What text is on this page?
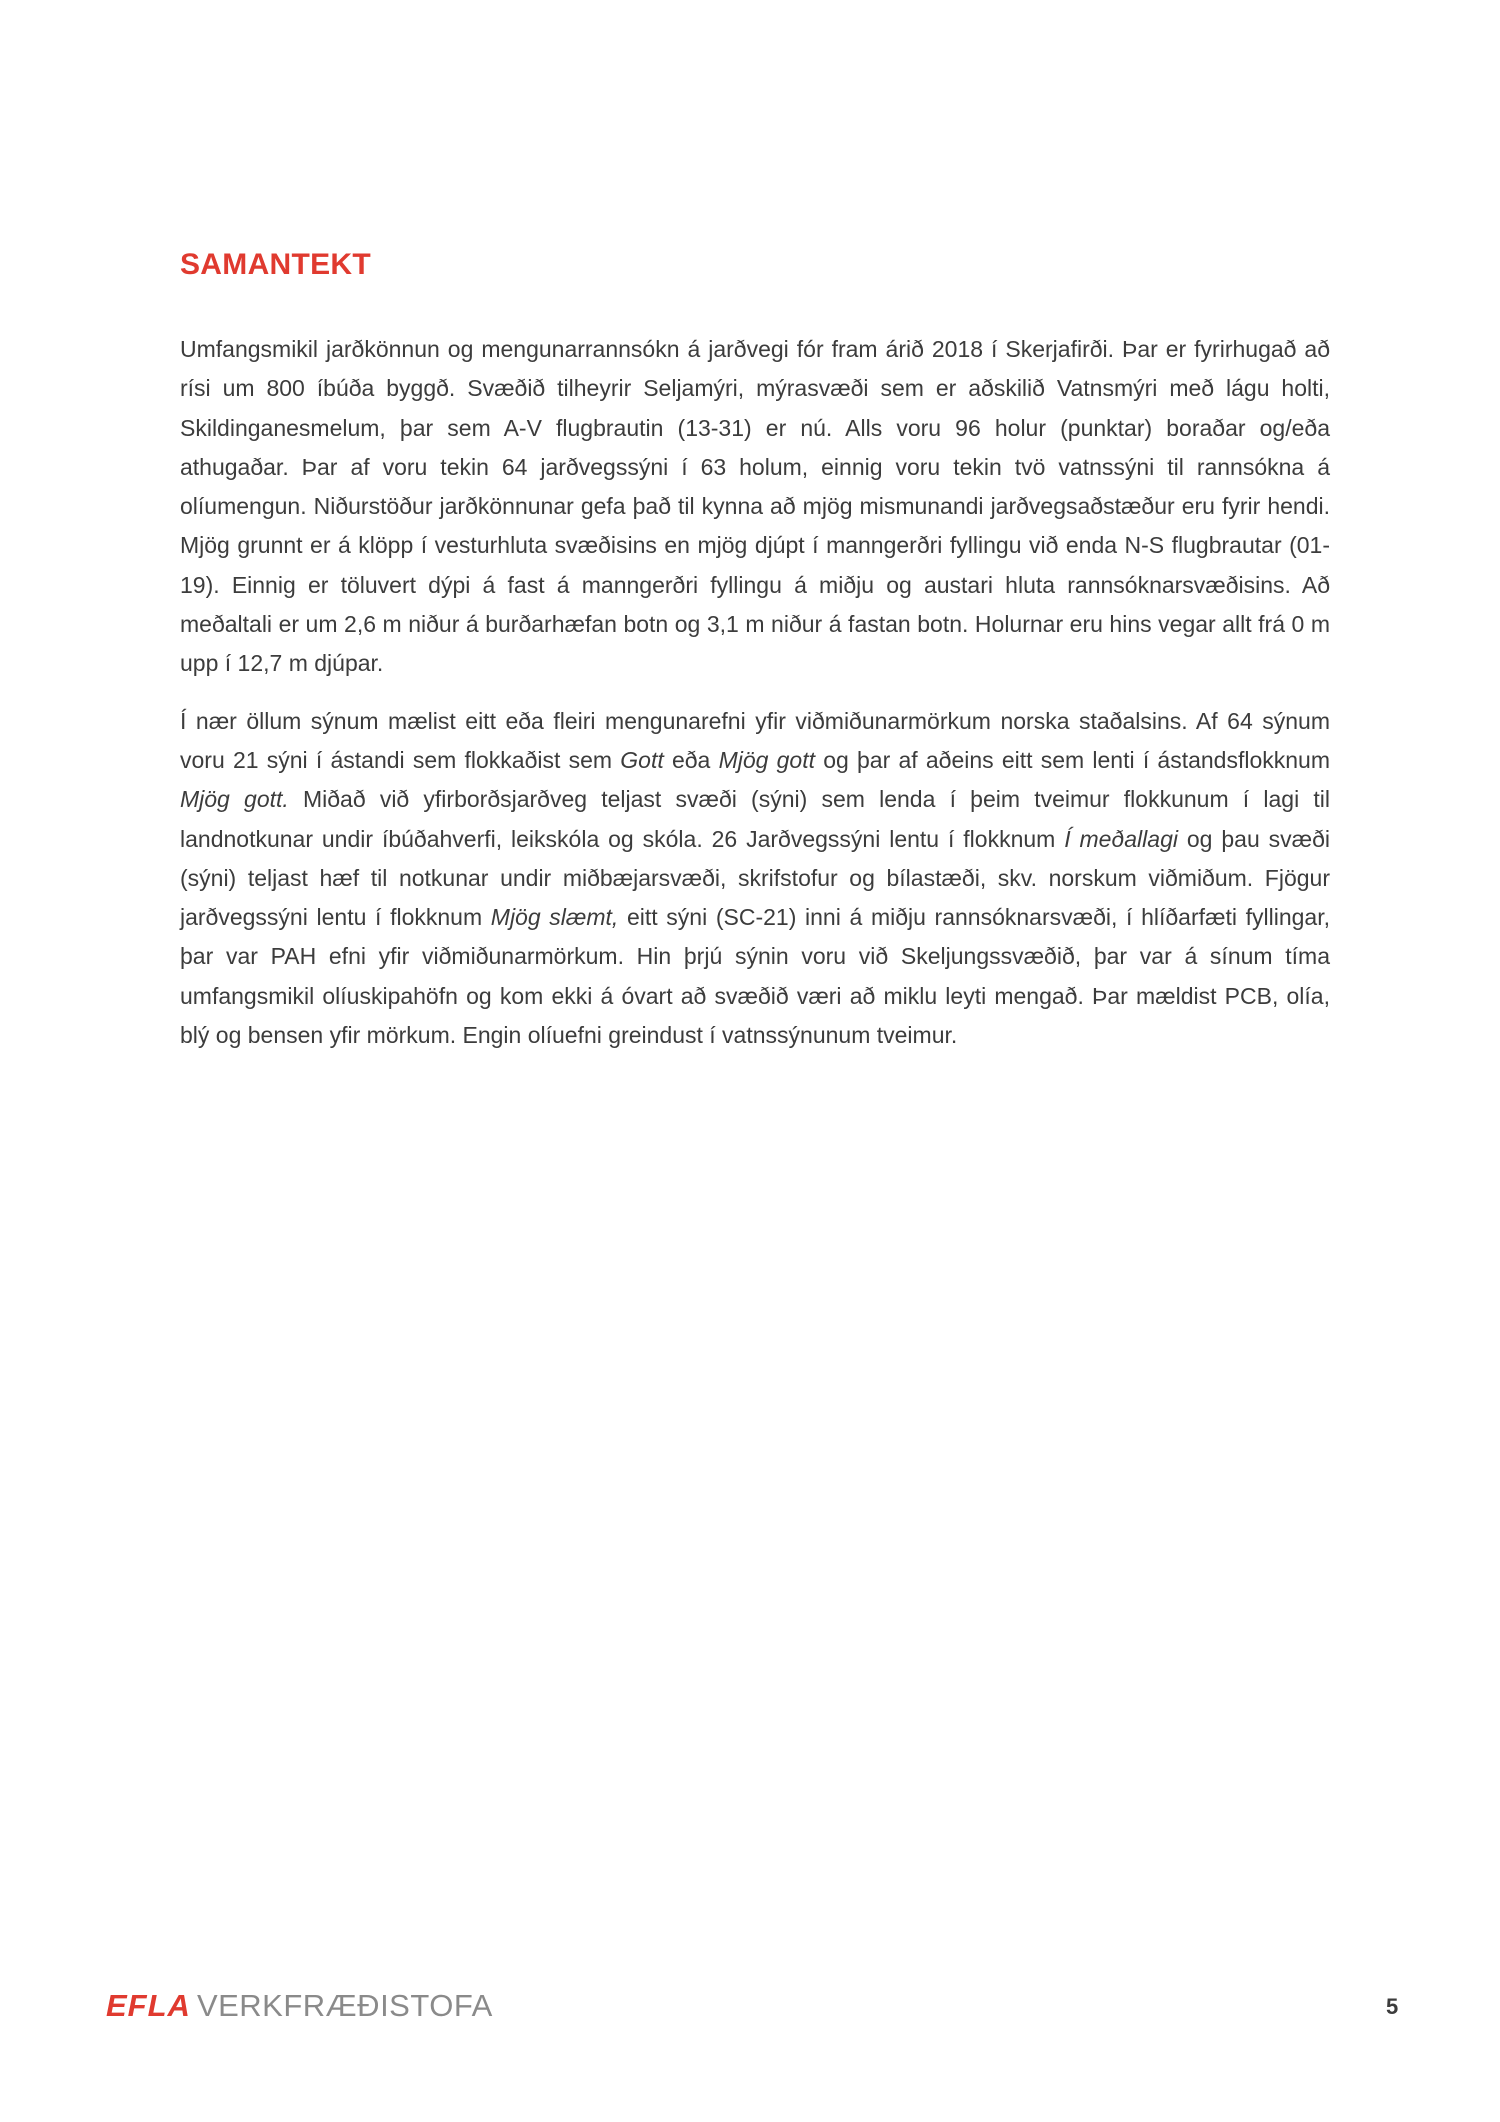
SAMANTEKT

Umfangsmikil jarðkönnun og mengunarrannsókn á jarðvegi fór fram árið 2018 í Skerjafirði. Þar er fyrirhugað að rísi um 800 íbúða byggð. Svæðið tilheyrir Seljamýri, mýrasvæði sem er aðskilið Vatnsmýri með lágu holti, Skildinganesmelum, þar sem A-V flugbrautin (13-31) er nú. Alls voru 96 holur (punktar) boraðar og/eða athugaðar. Þar af voru tekin 64 jarðvegssýni í 63 holum, einnig voru tekin tvö vatnssýni til rannsókna á olíumengun. Niðurstöður jarðkönnunar gefa það til kynna að mjög mismunandi jarðvegsaðstæður eru fyrir hendi. Mjög grunnt er á klöpp í vesturhluta svæðisins en mjög djúpt í manngerðri fyllingu við enda N-S flugbrautar (01-19). Einnig er töluvert dýpi á fast á manngerðri fyllingu á miðju og austari hluta rannsóknarsvæðisins. Að meðaltali er um 2,6 m niður á burðarhæfan botn og 3,1 m niður á fastan botn. Holurnar eru hins vegar allt frá 0 m upp í 12,7 m djúpar.

Í nær öllum sýnum mælist eitt eða fleiri mengunarefni yfir viðmiðunarmörkum norska staðalsins. Af 64 sýnum voru 21 sýni í ástandi sem flokkaðist sem Gott eða Mjög gott og þar af aðeins eitt sem lenti í ástandsflokknum Mjög gott. Miðað við yfirborðsjarðveg teljast svæði (sýni) sem lenda í þeim tveimur flokkunum í lagi til landnotkunar undir íbúðahverfi, leikskóla og skóla. 26 Jarðvegssýni lentu í flokknum Í meðallagi og þau svæði (sýni) teljast hæf til notkunar undir miðbæjarsvæði, skrifstofur og bílastæði, skv. norskum viðmiðum. Fjögur jarðvegssýni lentu í flokknum Mjög slæmt, eitt sýni (SC-21) inni á miðju rannsóknarsvæði, í hlíðarfæti fyllingar, þar var PAH efni yfir viðmiðunarmörkum. Hin þrjú sýnin voru við Skeljungssvæðið, þar var á sínum tíma umfangsmikil olíuskipahöfn og kom ekki á óvart að svæðið væri að miklu leyti mengað. Þar mældist PCB, olía, blý og bensen yfir mörkum. Engin olíuefni greindust í vatnssýnunum tveimur.

EFLA VERKFRÆÐISTOFA	5
